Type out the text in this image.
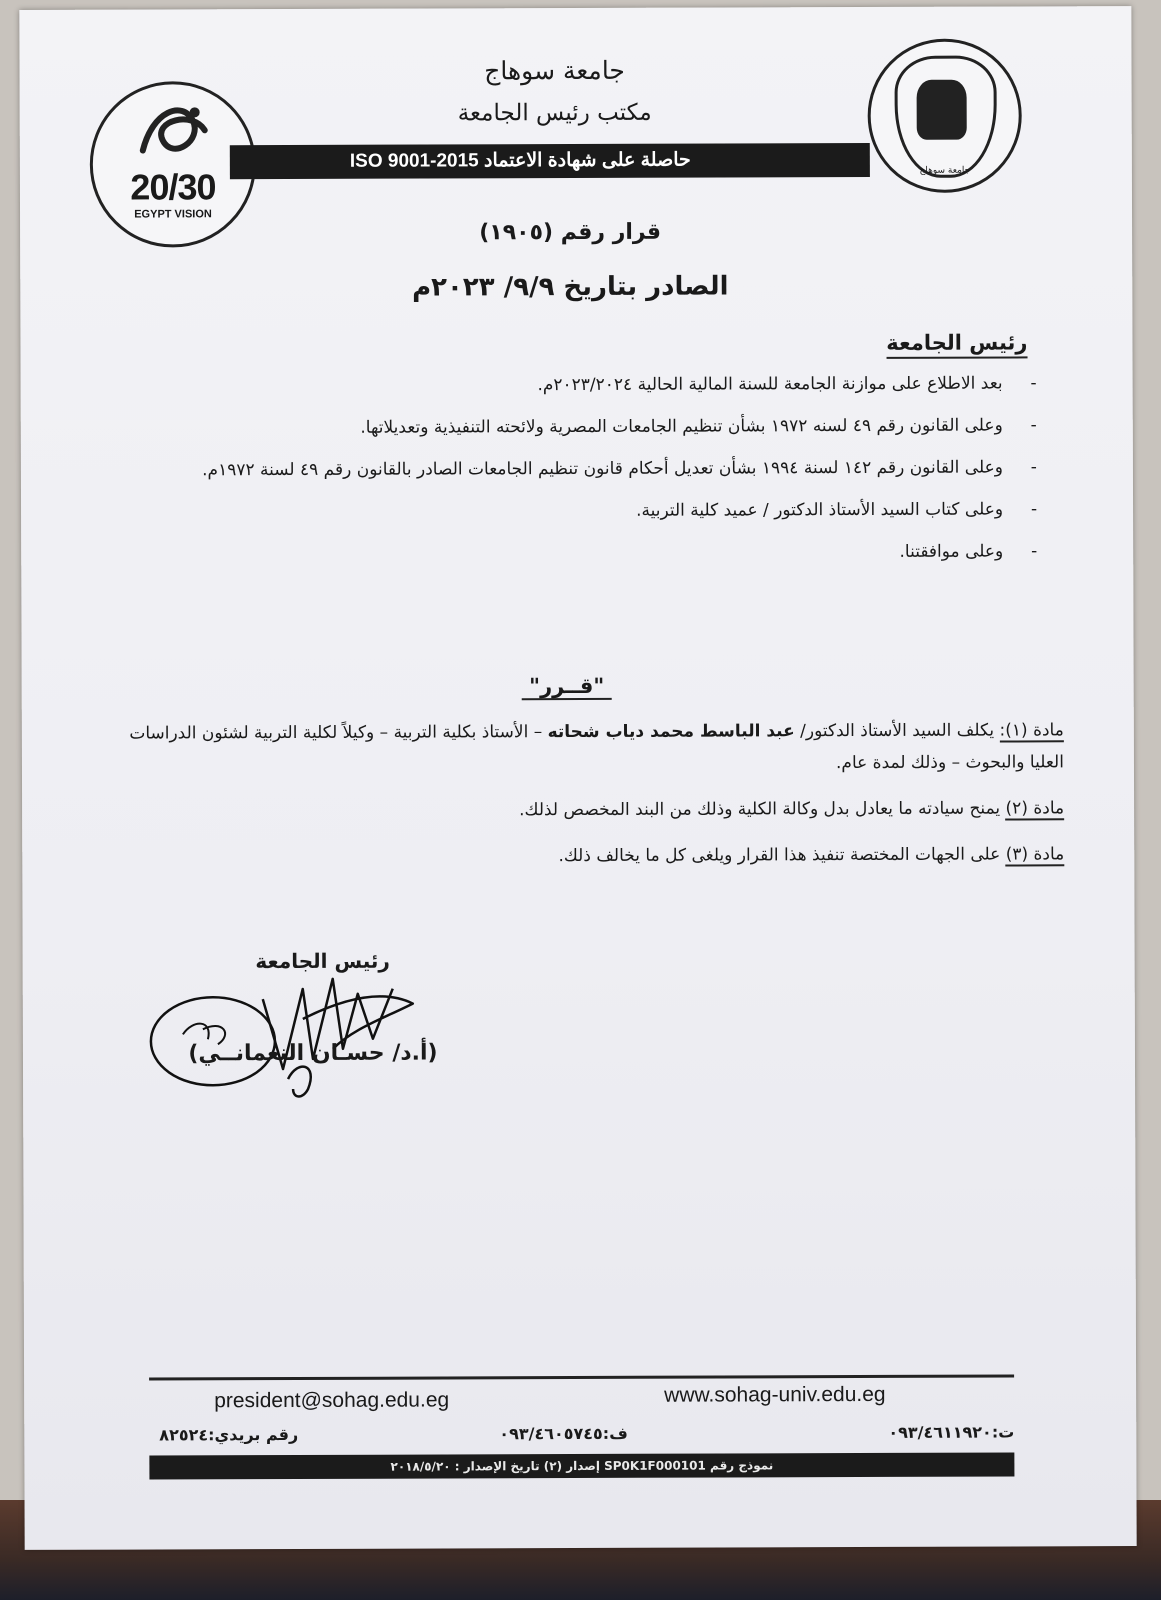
جامعة سوهاج
20/30
EGYPT VISION
جامعة سوهاج
مكتب رئيس الجامعة
حاصلة على شهادة الاعتماد ISO 9001-2015
قرار رقم (١٩٠٥)
الصادر بتاريخ ٩/٩/ ٢٠٢٣م
رئيس الجامعة
- بعد الاطلاع على موازنة الجامعة للسنة المالية الحالية ٢٠٢٣/٢٠٢٤م.
- وعلى القانون رقم ٤٩ لسنه ١٩٧٢ بشأن تنظيم الجامعات المصرية ولائحته التنفيذية وتعديلاتها.
- وعلى القانون رقم ١٤٢ لسنة ١٩٩٤ بشأن تعديل أحكام قانون تنظيم الجامعات الصادر بالقانون رقم ٤٩ لسنة ١٩٧٢م.
- وعلى كتاب السيد الأستاذ الدكتور / عميد كلية التربية.
- وعلى موافقتنا.
"قــرر"
مادة (١): يكلف السيد الأستاذ الدكتور/ عبد الباسط محمد دياب شحاته – الأستاذ بكلية التربية – وكيلاً لكلية التربية لشئون الدراسات العليا والبحوث – وذلك لمدة عام.
مادة (٢) يمنح سيادته ما يعادل بدل وكالة الكلية وذلك من البند المخصص لذلك.
مادة (٣) على الجهات المختصة تنفيذ هذا القرار ويلغى كل ما يخالف ذلك.
رئيس الجامعة
(أ.د/ حسـان النعمانــي)
president@sohag.edu.eg	www.sohag-univ.edu.eg
ت:٠٩٣/٤٦١١٩٢٠
ف:٠٩٣/٤٦٠٥٧٤٥
رقم بريدي:٨٢٥٢٤
نموذج رقم SP0K1F000101 إصدار (٢) تاريخ الإصدار : ٢٠١٨/٥/٢٠
